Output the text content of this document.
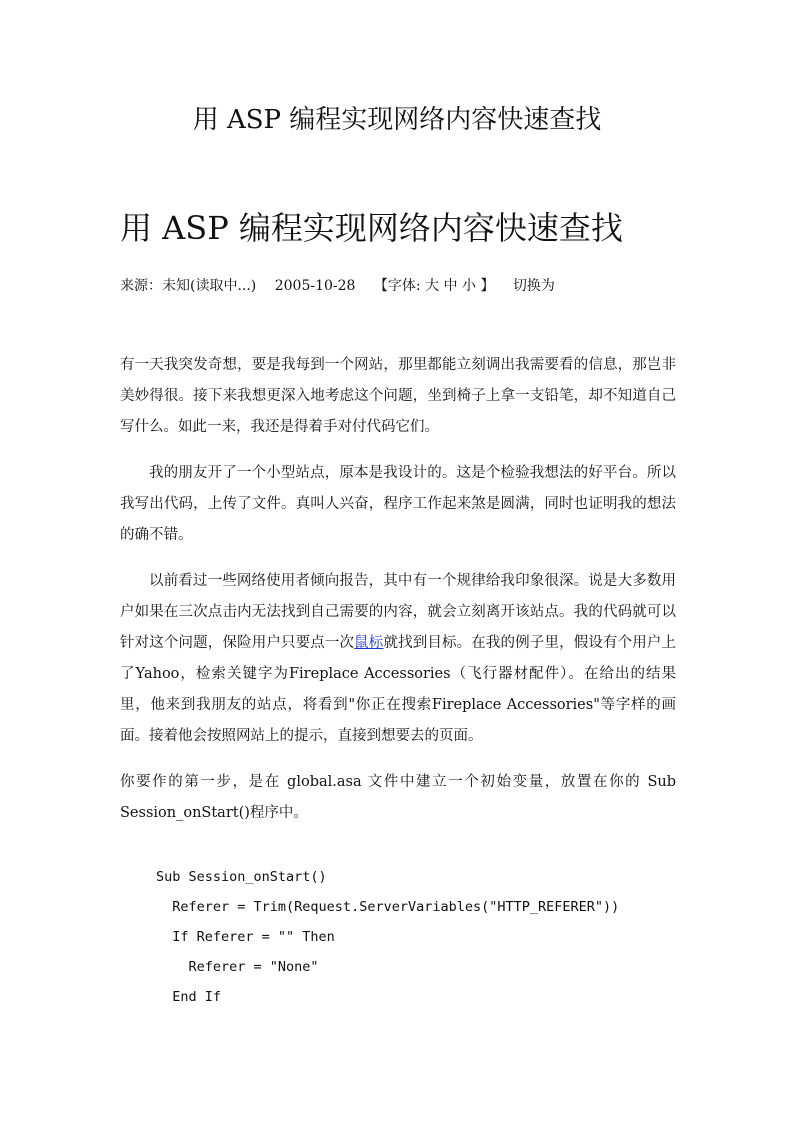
用 ASP 编程实现网络内容快速查找
用 ASP 编程实现网络内容快速查找
来源：未知(读取中...) 2005-10-28 【字体: 大 中 小 】 切换为

有一天我突发奇想，要是我每到一个网站，那里都能立刻调出我需要看的信息，那岂非美妙得很。接下来我想更深入地考虑这个问题，坐到椅子上拿一支铅笔，却不知道自己写什么。如此一来，我还是得着手对付代码它们。

我的朋友开了一个小型站点，原本是我设计的。这是个检验我想法的好平台。所以我写出代码，上传了文件。真叫人兴奋，程序工作起来煞是圆满，同时也证明我的想法的确不错。

以前看过一些网络使用者倾向报告，其中有一个规律给我印象很深。说是大多数用户如果在三次点击内无法找到自己需要的内容，就会立刻离开该站点。我的代码就可以针对这个问题，保险用户只要点一次鼠标就找到目标。在我的例子里，假设有个用户上了Yahoo，检索关键字为Fireplace Accessories（飞行器材配件）。在给出的结果里，他来到我朋友的站点，将看到"你正在搜索Fireplace Accessories"等字样的画面。接着他会按照网站上的提示，直接到想要去的页面。

你要作的第一步，是在 global.asa 文件中建立一个初始变量，放置在你的 Sub Session_onStart()程序中。

Sub Session_onStart()
Referer = Trim(Request.ServerVariables("HTTP_REFERER"))
If Referer = "" Then
Referer = "None"
End If
